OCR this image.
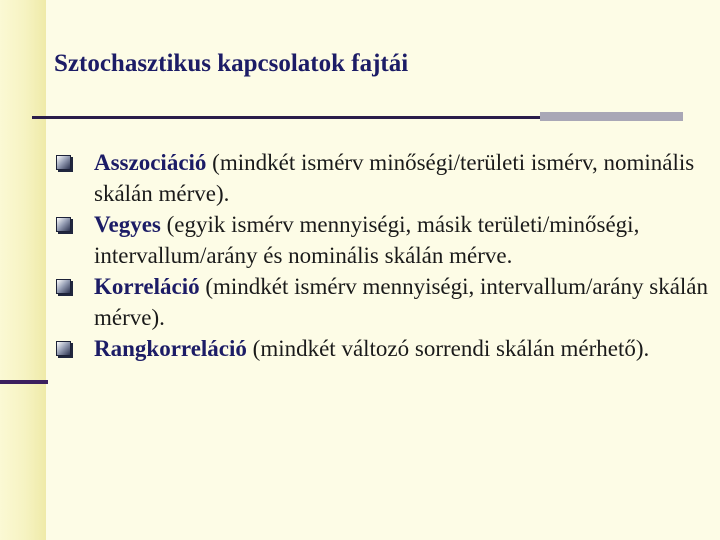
Sztochasztikus kapcsolatok fajtái
Asszociáció (mindkét ismérv minőségi/területi ismérv, nominális skálán mérve).
Vegyes (egyik ismérv mennyiségi, másik területi/minőségi, intervallum/arány és nominális skálán mérve.
Korreláció (mindkét ismérv mennyiségi, intervallum/arány skálán mérve).
Rangkorreláció (mindkét változó sorrendi skálán mérhető).
